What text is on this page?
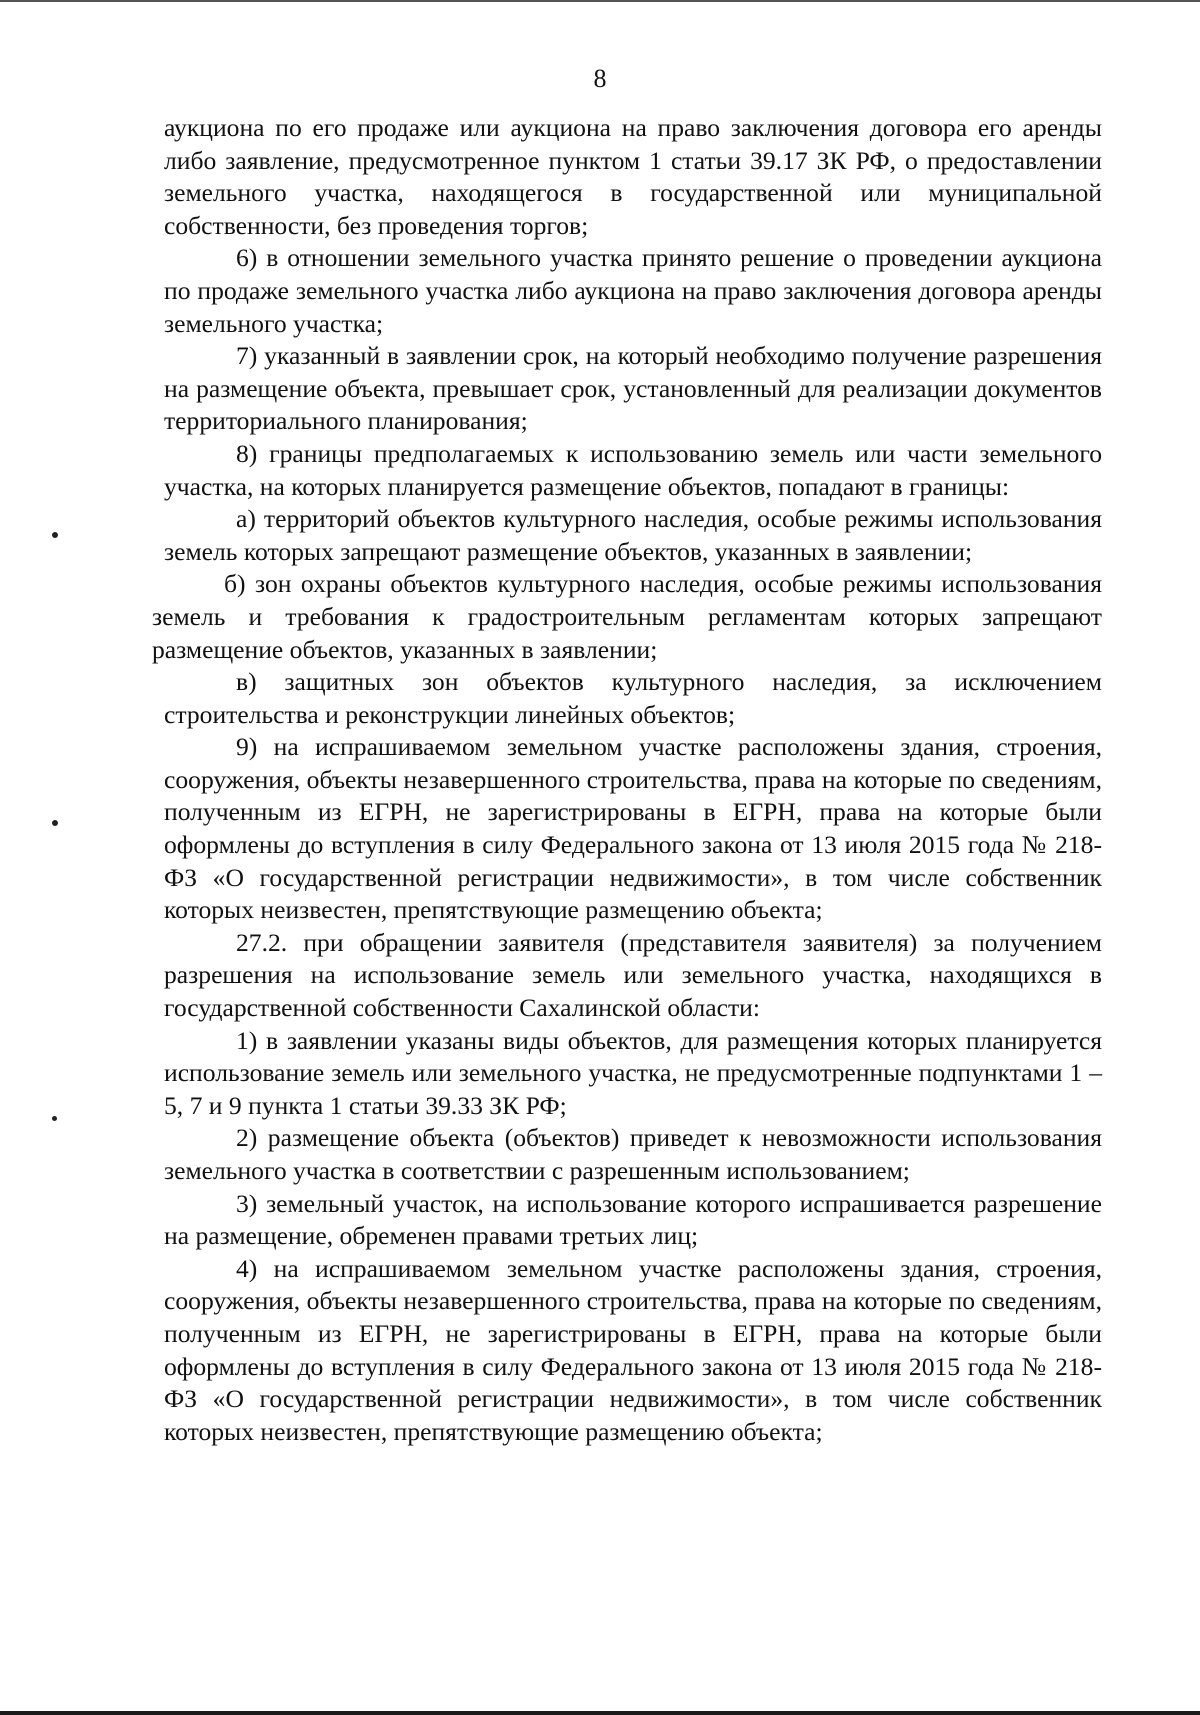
8

аукциона по его продаже или аукциона на право заключения договора его аренды либо заявление, предусмотренное пунктом 1 статьи 39.17 ЗК РФ, о предоставлении земельного участка, находящегося в государственной или муниципальной собственности, без проведения торгов;

6) в отношении земельного участка принято решение о проведении аукциона по продаже земельного участка либо аукциона на право заключения договора аренды земельного участка;

7) указанный в заявлении срок, на который необходимо получение разрешения на размещение объекта, превышает срок, установленный для реализации документов территориального планирования;

8) границы предполагаемых к использованию земель или части земельного участка, на которых планируется размещение объектов, попадают в границы:

а) территорий объектов культурного наследия, особые режимы использования земель которых запрещают размещение объектов, указанных в заявлении;

б) зон охраны объектов культурного наследия, особые режимы использования земель и требования к градостроительным регламентам которых запрещают размещение объектов, указанных в заявлении;

в) защитных зон объектов культурного наследия, за исключением строительства и реконструкции линейных объектов;

9) на испрашиваемом земельном участке расположены здания, строения, сооружения, объекты незавершенного строительства, права на которые по сведениям, полученным из ЕГРН, не зарегистрированы в ЕГРН, права на которые были оформлены до вступления в силу Федерального закона от 13 июля 2015 года № 218-ФЗ «О государственной регистрации недвижимости», в том числе собственник которых неизвестен, препятствующие размещению объекта;

27.2. при обращении заявителя (представителя заявителя) за получением разрешения на использование земель или земельного участка, находящихся в государственной собственности Сахалинской области:

1) в заявлении указаны виды объектов, для размещения которых планируется использование земель или земельного участка, не предусмотренные подпунктами 1 – 5, 7 и 9 пункта 1 статьи 39.33 ЗК РФ;

2) размещение объекта (объектов) приведет к невозможности использования земельного участка в соответствии с разрешенным использованием;

3) земельный участок, на использование которого испрашивается разрешение на размещение, обременен правами третьих лиц;

4) на испрашиваемом земельном участке расположены здания, строения, сооружения, объекты незавершенного строительства, права на которые по сведениям, полученным из ЕГРН, не зарегистрированы в ЕГРН, права на которые были оформлены до вступления в силу Федерального закона от 13 июля 2015 года № 218-ФЗ «О государственной регистрации недвижимости», в том числе собственник которых неизвестен, препятствующие размещению объекта;
